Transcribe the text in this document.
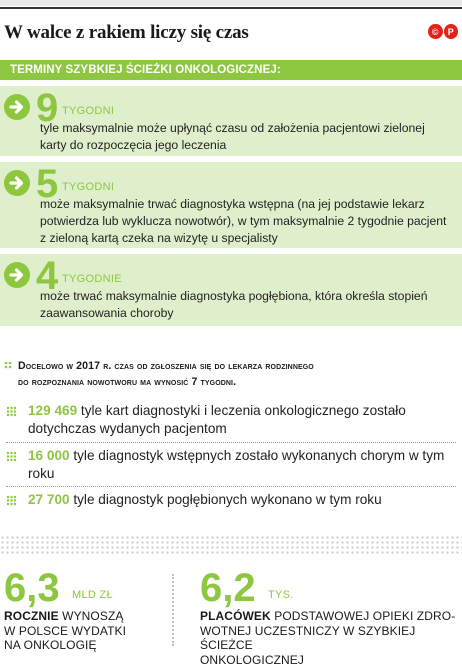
W walce z rakiem liczy się czas	©	P
TERMINY SZYBKIEJ ŚCIEŻKI ONKOLOGICZNEJ:
9 TYGODNI
tyle maksymalnie może upłynąć czasu od założenia pacjentowi zielonej karty do rozpoczęcia jego leczenia
5 TYGODNI
może maksymalnie trwać diagnostyka wstępna (na jej podstawie lekarz potwierdza lub wyklucza nowotwór), w tym maksymalnie 2 tygodnie pacjent z zieloną kartą czeka na wizytę u specjalisty
4 TYGODNIE
może trwać maksymalnie diagnostyka pogłębiona, która określa stopień zaawansowania choroby
Docelowo w 2017 r. czas od zgłoszenia się do lekarza rodzinnego
do rozpoznania nowotworu ma wynosić 7 tygodni.
129 469 tyle kart diagnostyki i leczenia onkologicznego zostało dotychczas wydanych pacjentom
16 000 tyle diagnostyk wstępnych zostało wykonanych chorym w tym roku
27 700 tyle diagnostyk pogłębionych wykonano w tym roku
6,3 MLD ZŁ
ROCZNIE WYNOSZĄ
W POLSCE WYDATKI
NA ONKOLOGIĘ
6,2 TYS.
PLACÓWEK PODSTAWOWEJ OPIEKI ZDRO-
WOTNEJ UCZESTNICZY W SZYBKIEJ ŚCIEŻCE
ONKOLOGICZNEJ
